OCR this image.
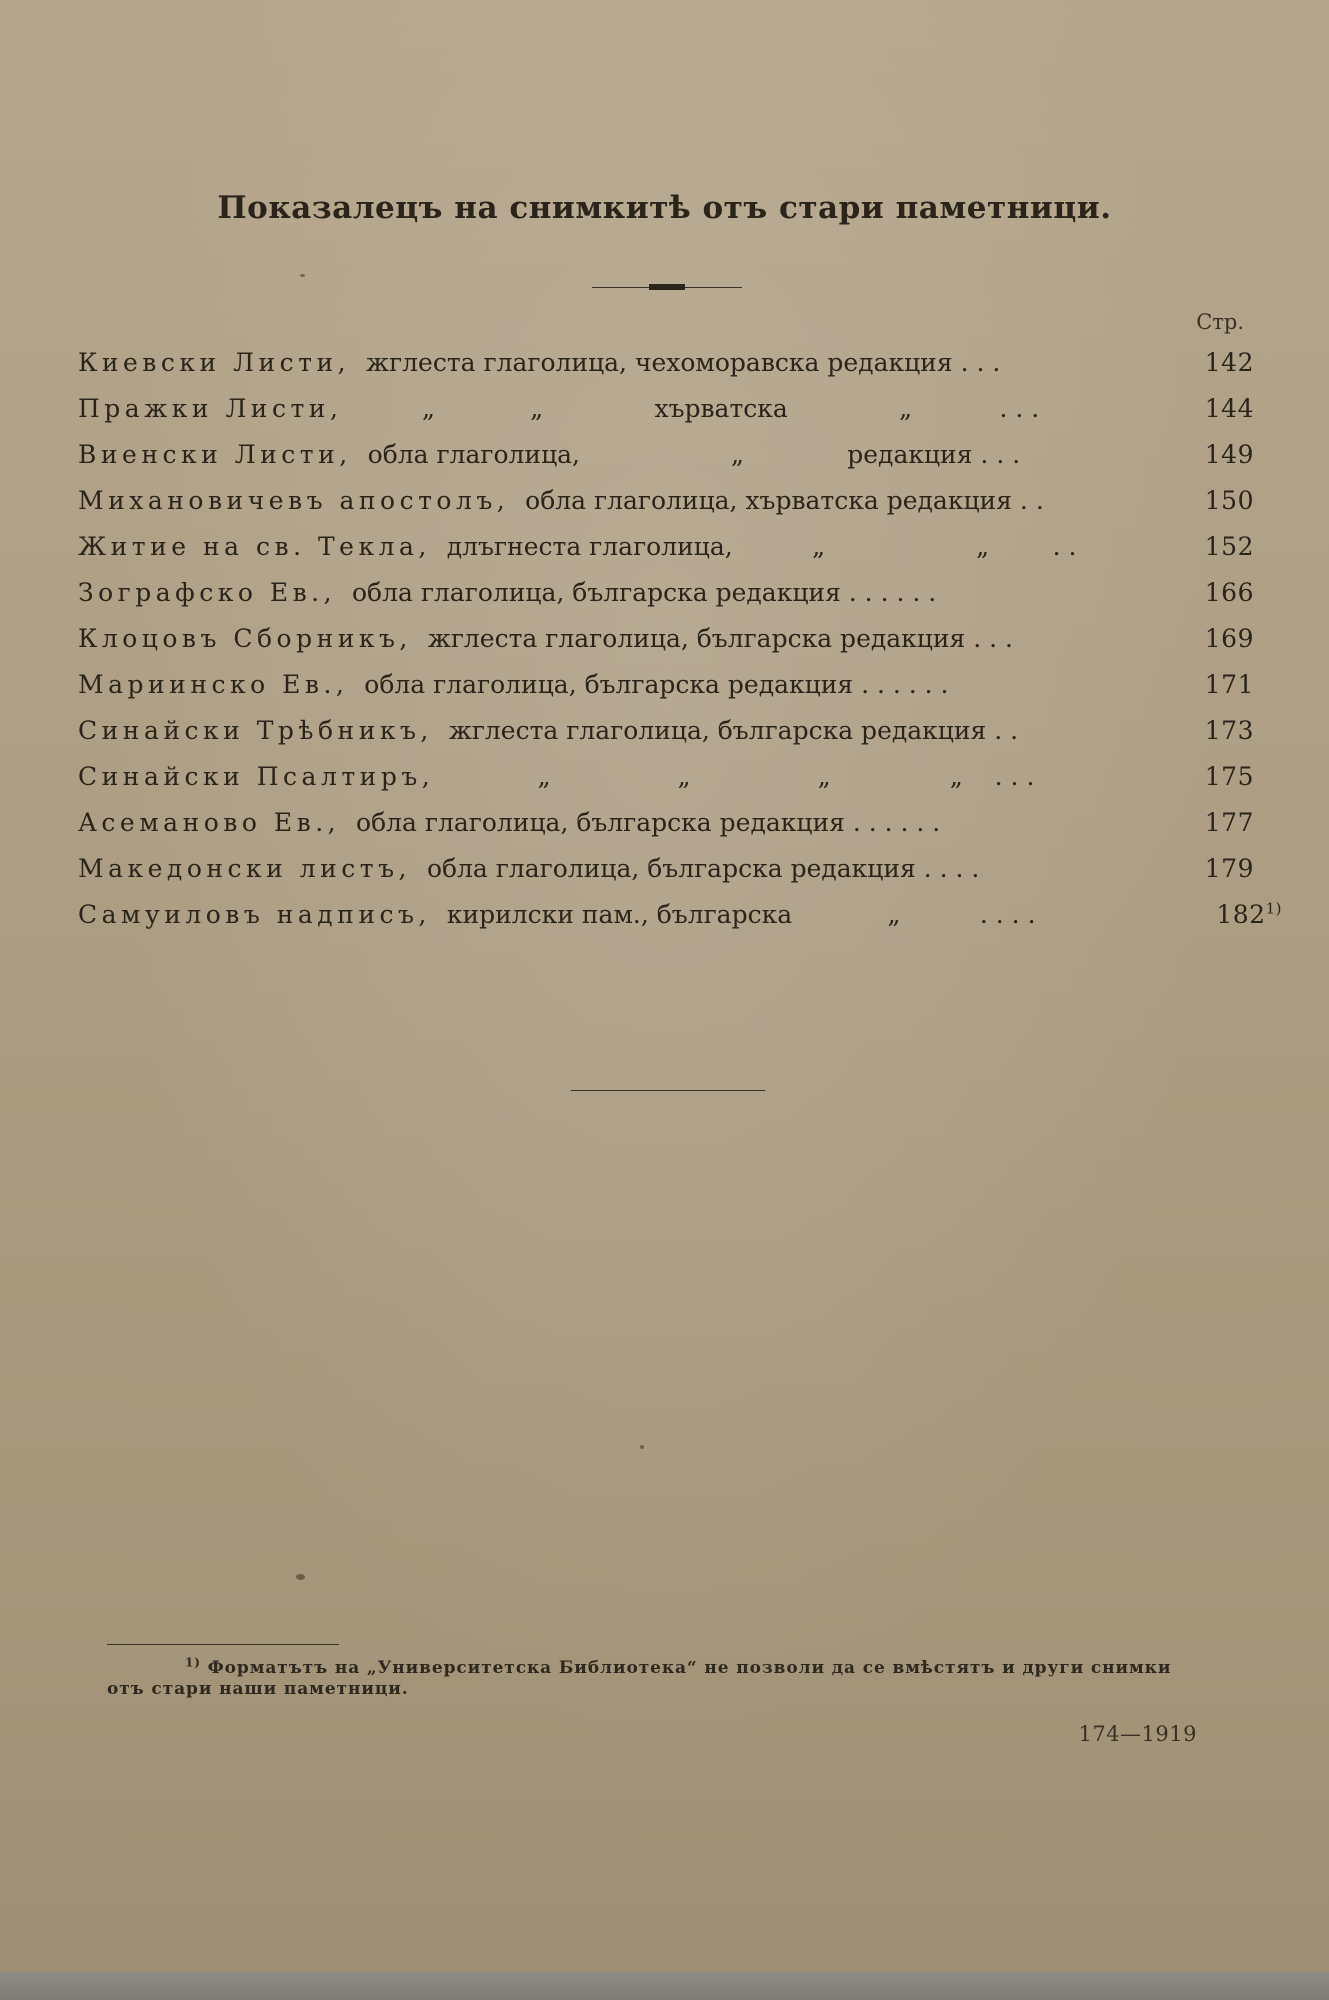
Показалецъ на снимкитѣ отъ стари паметници.
Стр.
Киевски Листи, жглеста глаголица, чехоморавска редакция . . .	142
Пражки Листи,         „            „              хърватска              „           . . .	144
Виенски Листи, обла глаголица,                   „             редакция . . .	149
Михановичевъ апостолъ, обла глаголица, хърватска редакция . .	150
Житие на св. Текла, длъгнеста глаголица,          „                   „        . .	152
Зографско Ев., обла глаголица, българска редакция . . . . . .	166
Клоцовъ Сборникъ, жглеста глаголица, българска редакция . . .	169
Мариинско Ев., обла глаголица, българска редакция . . . . . .	171
Синайски Трѣбникъ, жглеста глаголица, българска редакция . .	173
Синайски Псалтиръ,            „                „                „               „    . . .	175
Асеманово Ев., обла глаголица, българска редакция . . . . . .	177
Македонски листъ, обла глаголица, българска редакция . . . .	179
Самуиловъ надписъ, кирилски пам., българска            „          . . . .	182$^{1)}$
$^{1)}$ Форматътъ на „Университетска Библиотека“ не позволи да се вмѣстятъ и други снимки
отъ стари наши паметници.
174—1919
